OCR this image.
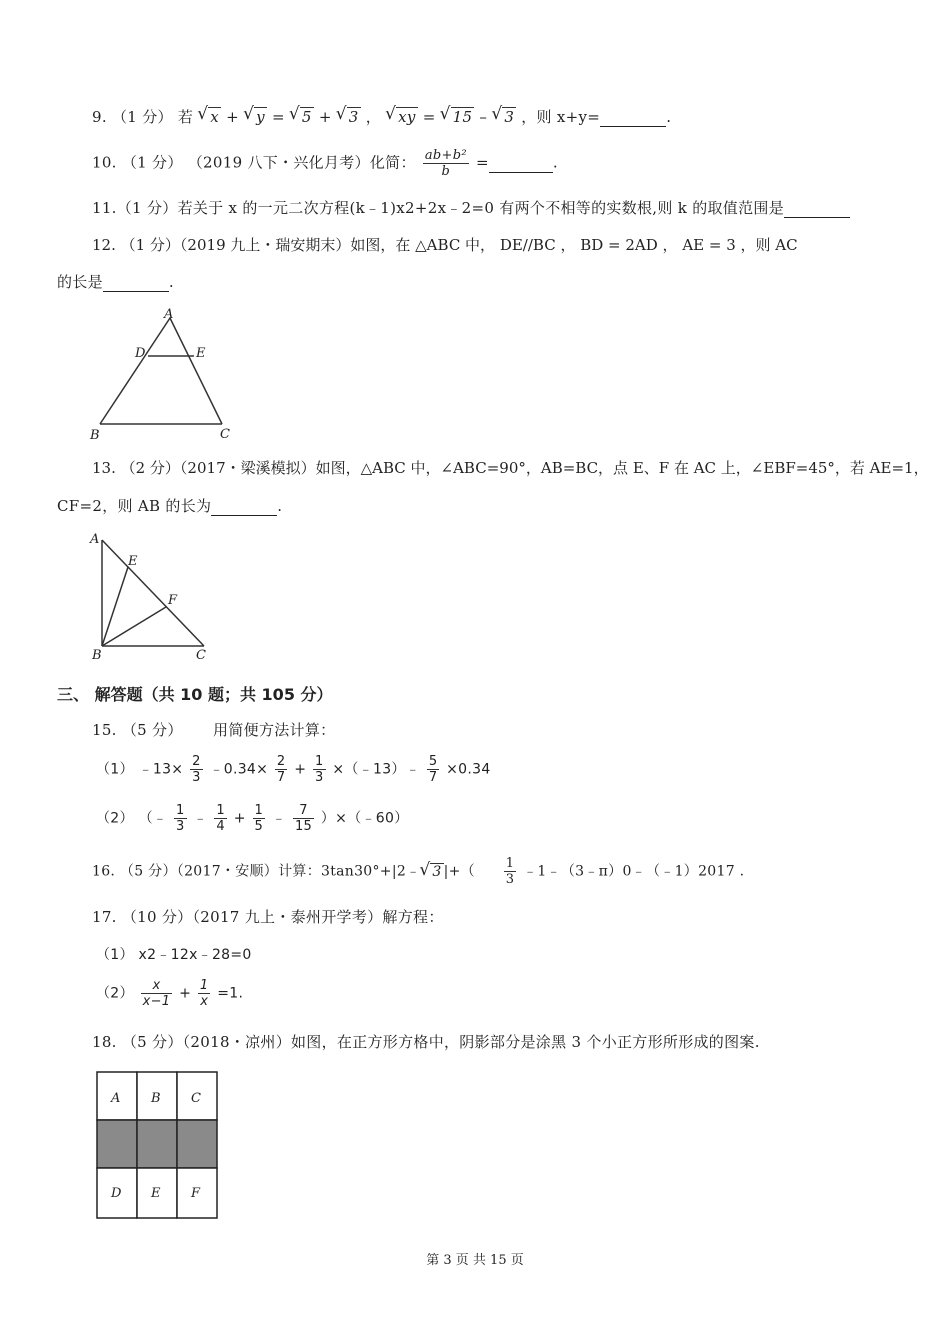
9. （1 分） 若 √ x + √ y = √ 5 + √ 3 ， √ xy = √ 15 – √ 3 ，则 x+y=	.
10. （1 分） （2019 八下・兴化月考）化简： $\frac{\text{ab+b²}}{b}$ =	.
11.（1 分）若关于 x 的一元二次方程(k﹣1)x2+2x﹣2=0 有两个不相等的实数根,则 k 的取值范围是
12. （1 分）（2019 九上・瑞安期末）如图，在 △ABC 中， DE//BC ， BD = 2AD ， AE = 3 ，则 AC
的长是	.
A
D	E
B	C
13. （2 分）（2017・梁溪模拟）如图，△ABC 中，∠ABC=90°，AB=BC，点 E、F 在 AC 上，∠EBF=45°，若 AE=1，
CF=2，则 AB 的长为	.
A
E
F
B	C
三、 解答题（共 10 题；共 105 分）
15. （5 分）      用简便方法计算：
（1） ﹣13× $\frac{2}{3}$ ﹣0.34× $\frac{2}{7} + \frac{1}{3}$ ×（﹣13）﹣ $\frac{5}{7} \times 0.34$
（2） （﹣ $\frac{1}{3}$ ﹣ $\frac{1}{4} + \frac{1}{5}$ ﹣ $\frac{7}{15}$ ）×（﹣60）
16. （5 分）（2017・安顺）计算：3tan30°+|2﹣ √ 3 |+（ $\frac{1}{3}$ ﹣1﹣（3﹣π）0﹣（﹣1）2017 .
17. （10 分）（2017 九上・泰州开学考）解方程：
（1） x2﹣12x﹣28=0
$(2) \frac{x}{x-1} + \frac{1}{x} =1$.
18. （5 分）（2018・凉州）如图，在正方形方格中，阴影部分是涂黑 3 个小正方形所形成的图案.
A B C
D E F
第 3 页 共 15 页
